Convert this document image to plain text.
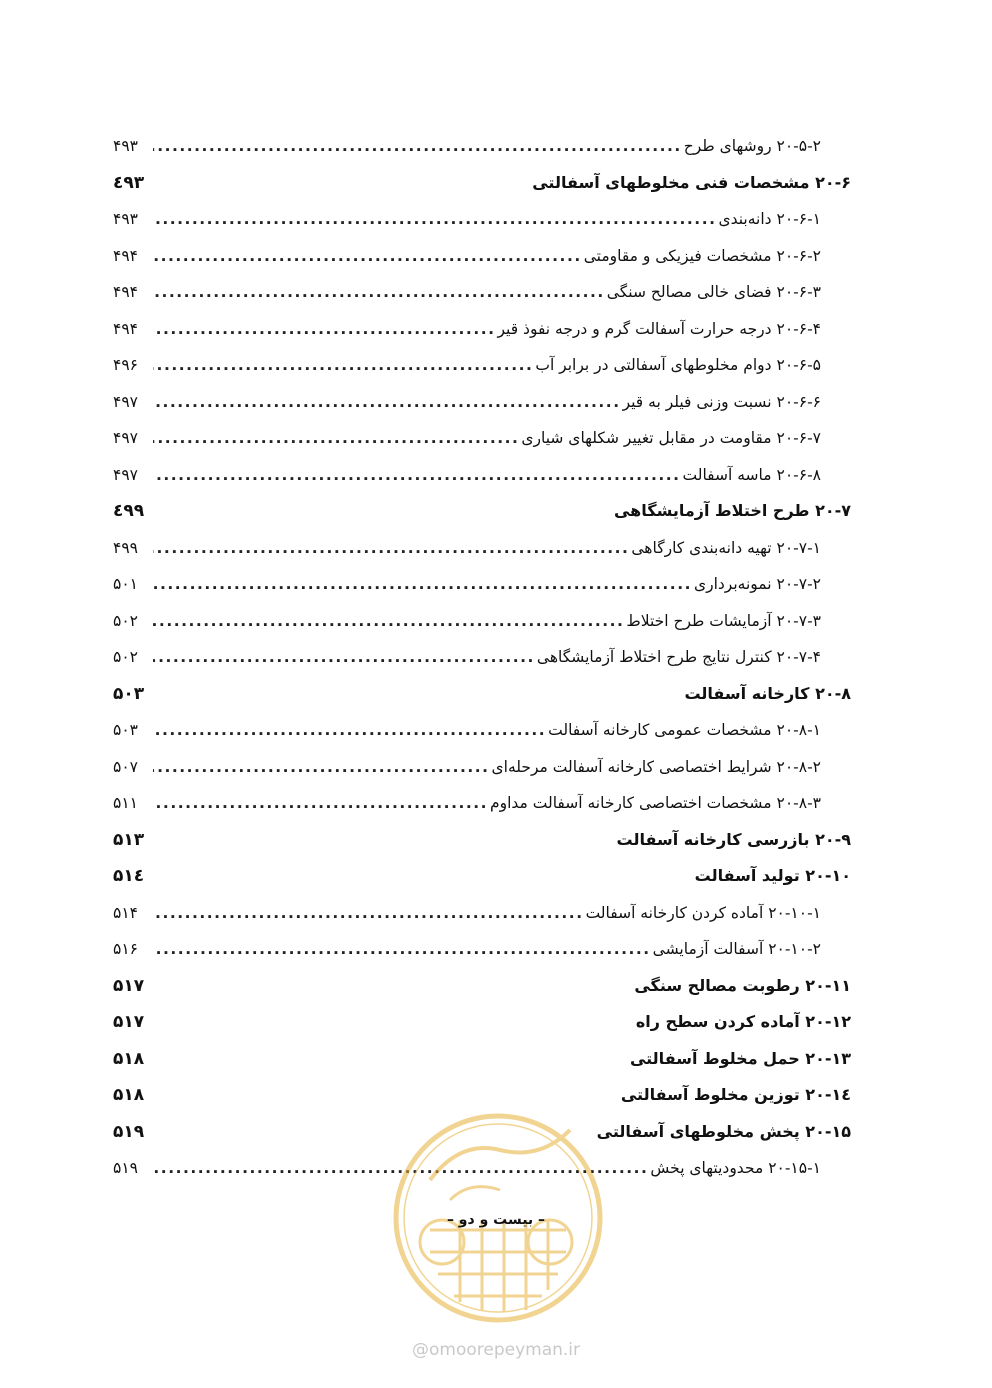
۲۰-۵-۲ روشهای طرح
.....
۴۹۳
۲۰-۶ مشخصات فنی مخلوطهای آسفالتی
٤۹۳
۲۰-۶-۱ دانه‌بندی
.....
۴۹۳
۲۰-۶-۲ مشخصات فیزیکی و مقاومتی
.....
۴۹۴
۲۰-۶-۳ فضای خالی مصالح سنگی
.....
۴۹۴
۲۰-۶-۴ درجه حرارت آسفالت گرم و درجه نفوذ قیر
.....
۴۹۴
۲۰-۶-۵ دوام مخلوطهای آسفالتی در برابر آب
.....
۴۹۶
۲۰-۶-۶ نسبت وزنی فیلر به قیر
.....
۴۹۷
۲۰-۶-۷ مقاومت در مقابل تغییر شکلهای شیاری
.....
۴۹۷
۲۰-۶-۸ ماسه آسفالت
.....
۴۹۷
۲۰-۷ طرح اختلاط آزمایشگاهی
٤۹۹
۲۰-۷-۱ تهیه دانه‌بندی کارگاهی
.....
۴۹۹
۲۰-۷-۲ نمونه‌برداری
.....
۵۰۱
۲۰-۷-۳ آزمایشات طرح اختلاط
.....
۵۰۲
۲۰-۷-۴ کنترل نتایج طرح اختلاط آزمایشگاهی
.....
۵۰۲
۲۰-۸ کارخانه آسفالت
۵۰۳
۲۰-۸-۱ مشخصات عمومی کارخانه آسفالت
.....
۵۰۳
۲۰-۸-۲ شرایط اختصاصی کارخانه آسفالت مرحله‌ای
.....
۵۰۷
۲۰-۸-۳ مشخصات اختصاصی کارخانه آسفالت مداوم
.....
۵۱۱
۲۰-۹ بازرسی کارخانه آسفالت
۵۱۳
۲۰-۱۰ تولید آسفالت
۵۱٤
۲۰-۱۰-۱ آماده کردن کارخانه آسفالت
.....
۵۱۴
۲۰-۱۰-۲ آسفالت آزمایشی
.....
۵۱۶
۲۰-۱۱ رطوبت مصالح سنگی
۵۱۷
۲۰-۱۲ آماده کردن سطح راه
۵۱۷
۲۰-۱۳ حمل مخلوط آسفالتی
۵۱۸
۲۰-۱٤ توزین مخلوط آسفالتی
۵۱۸
۲۰-۱۵ پخش مخلوطهای آسفالتی
۵۱۹
۲۰-۱۵-۱ محدودیتهای پخش
.....
۵۱۹
– بیست و دو –
@omoorepeyman.ir
